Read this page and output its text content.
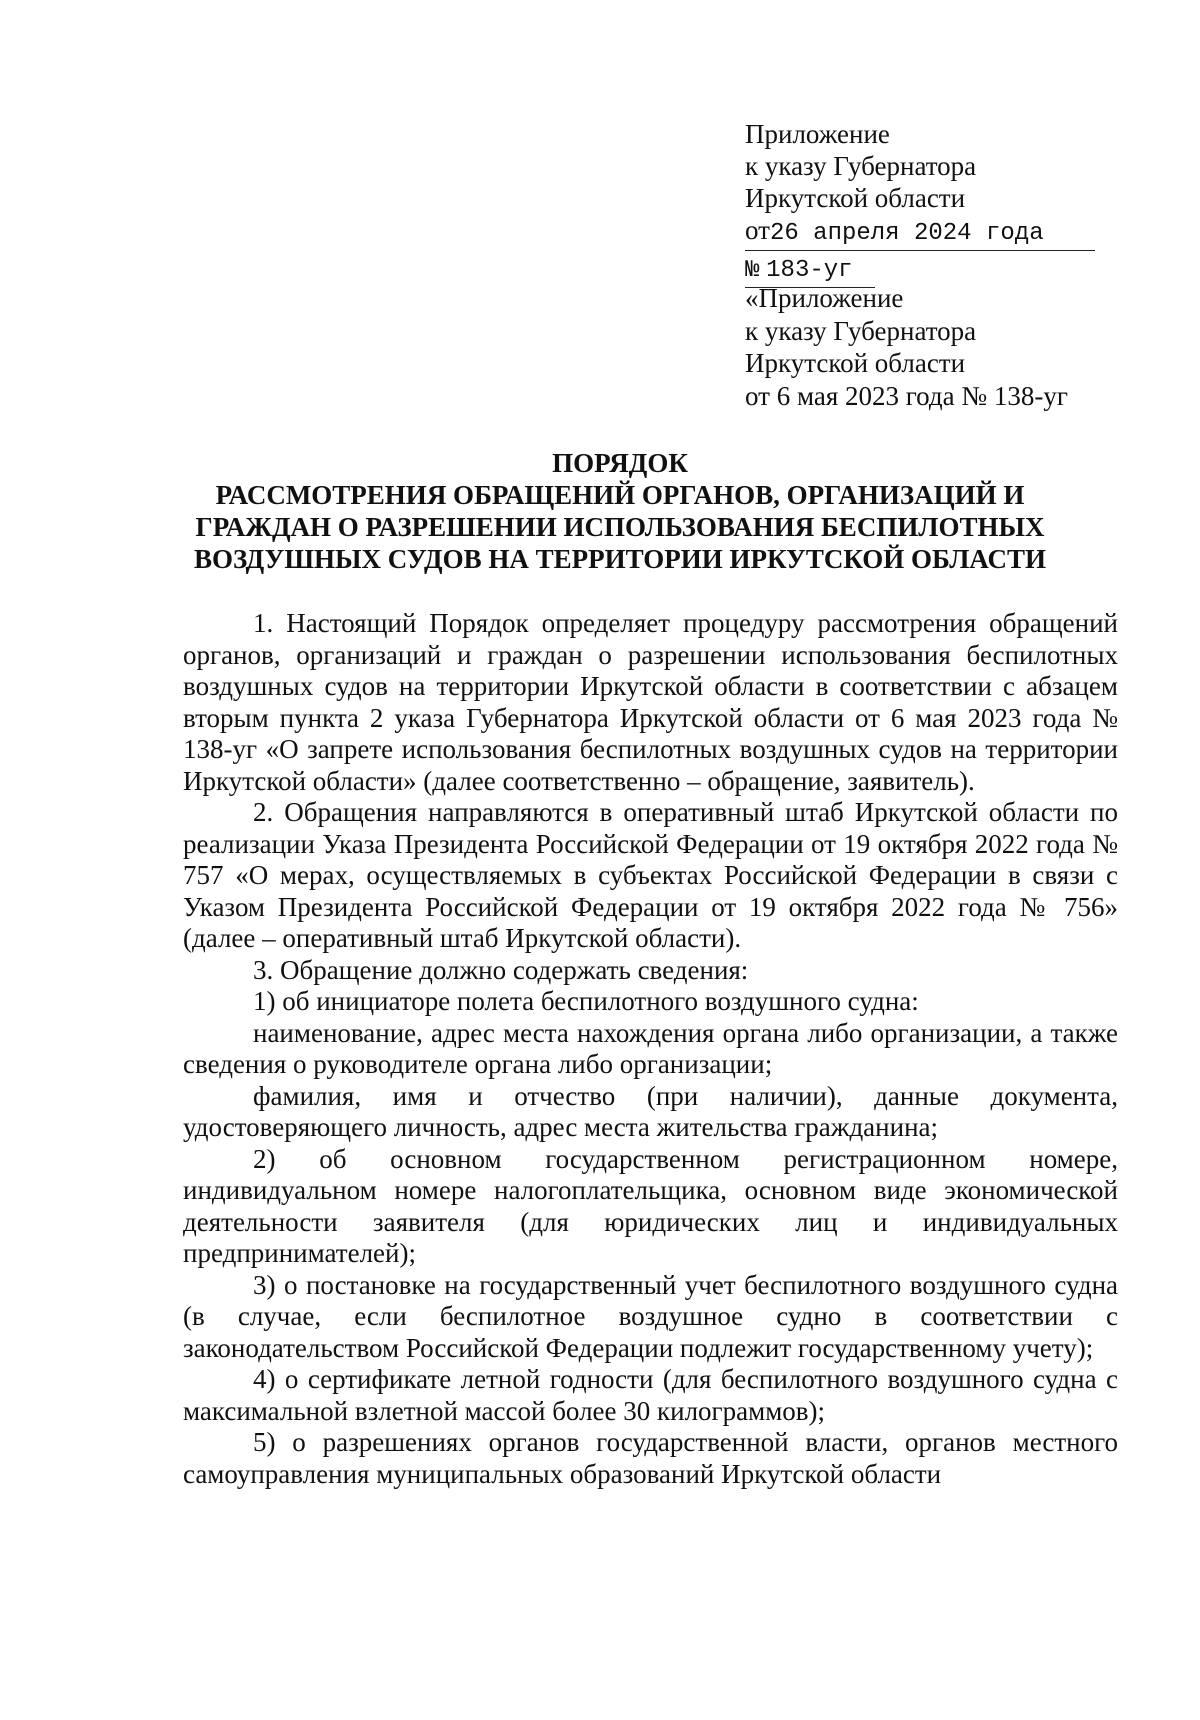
Приложение
к указу Губернатора
Иркутской области
от26 апреля 2024 года
№ 183-уг
«Приложение
к указу Губернатора
Иркутской области
от 6 мая 2023 года № 138-уг
ПОРЯДОК
РАССМОТРЕНИЯ ОБРАЩЕНИЙ ОРГАНОВ, ОРГАНИЗАЦИЙ И
ГРАЖДАН О РАЗРЕШЕНИИ ИСПОЛЬЗОВАНИЯ БЕСПИЛОТНЫХ
ВОЗДУШНЫХ СУДОВ НА ТЕРРИТОРИИ ИРКУТСКОЙ ОБЛАСТИ

1. Настоящий Порядок определяет процедуру рассмотрения обращений органов, организаций и граждан о разрешении использования беспилотных воздушных судов на территории Иркутской области в соответствии с абзацем вторым пункта 2 указа Губернатора Иркутской области от 6 мая 2023 года № 138-уг «О запрете использования беспилотных воздушных судов на территории Иркутской области» (далее соответственно – обращение, заявитель).

2. Обращения направляются в оперативный штаб Иркутской области по реализации Указа Президента Российской Федерации от 19 октября 2022 года № 757 «О мерах, осуществляемых в субъектах Российской Федерации в связи с Указом Президента Российской Федерации от 19 октября 2022 года № 756» (далее – оперативный штаб Иркутской области).

3. Обращение должно содержать сведения:

1) об инициаторе полета беспилотного воздушного судна:

наименование, адрес места нахождения органа либо организации, а также сведения о руководителе органа либо организации;

фамилия, имя и отчество (при наличии), данные документа, удостоверяющего личность, адрес места жительства гражданина;

2) об основном государственном регистрационном номере, индивидуальном номере налогоплательщика, основном виде экономической деятельности заявителя (для юридических лиц и индивидуальных предпринимателей);

3) о постановке на государственный учет беспилотного воздушного судна (в случае, если беспилотное воздушное судно в соответствии с законодательством Российской Федерации подлежит государственному учету);

4) о сертификате летной годности (для беспилотного воздушного судна с максимальной взлетной массой более 30 килограммов);

5) о разрешениях органов государственной власти, органов местного самоуправления муниципальных образований Иркутской области
